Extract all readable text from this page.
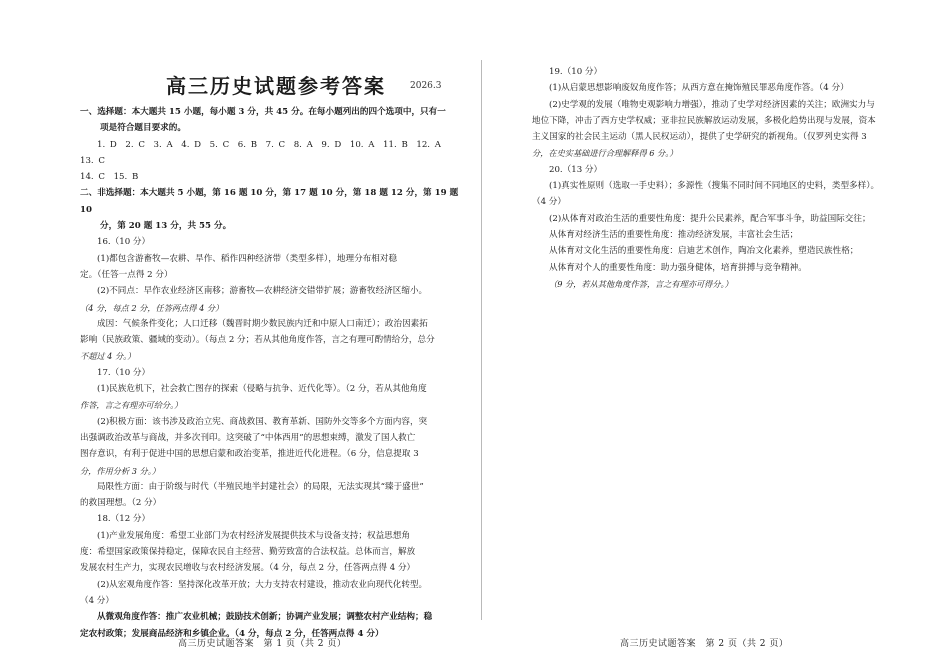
高三历史试题参考答案	2026.3

一、选择题：本大题共 15 小题，每小题 3 分，共 45 分。在每小题列出的四个选项中，只有一

项是符合题目要求的。

1. D　2. C　3. A　4. D　5. C　6. B　7. C　8. A　9. D　10. A　11. B　12. A　13. C

14. C　15. B

二、非选择题：本大题共 5 小题，第 16 题 10 分，第 17 题 10 分，第 18 题 12 分，第 19 题 10

分，第 20 题 13 分，共 55 分。

16.（10 分）

(1)都包含游畜牧—农耕、旱作、稻作四种经济带（类型多样），地理分布相对稳

定。（任答一点得 2 分）

(2)不同点：早作农业经济区南移；游畜牧—农耕经济交错带扩展；游畜牧经济区缩小。

（4 分，每点 2 分，任答两点得 4 分）

成因：气候条件变化；人口迁移（魏晋时期少数民族内迁和中原人口南迁）；政治因素拓

影响（民族政策、疆域的变动）。（每点 2 分；若从其他角度作答，言之有理可酌情给分，总分

不超过 4 分。）

17.（10 分）

(1)民族危机下，社会救亡图存的探索（侵略与抗争、近代化等）。（2 分，若从其他角度

作答，言之有理亦可给分。）

(2)积极方面：该书涉及政治立宪、商战救国、教育革新、国防外交等多个方面内容，突

出强调政治改革与商战，并多次刊印。这突破了“中体西用”的思想束缚，激发了国人救亡

图存意识，有利于促进中国的思想启蒙和政治变革，推进近代化进程。（6 分，信息提取 3

分，作用分析 3 分。）

局限性方面：由于阶级与时代（半殖民地半封建社会）的局限，无法实现其“臻于盛世”

的救国理想。（2 分）

18.（12 分）

(1)产业发展角度：希望工业部门为农村经济发展提供技术与设备支持；权益思想角

度：希望国家政策保持稳定，保障农民自主经营、勤劳致富的合法权益。总体而言，解放

发展农村生产力，实现农民增收与农村经济发展。（4 分，每点 2 分，任答两点得 4 分）

(2)从宏观角度作答：坚持深化改革开放；大力支持农村建设，推动农业向现代化转型。

（4 分）

从微观角度作答：推广农业机械；鼓励技术创新；协调产业发展；调整农村产业结构；稳

定农村政策；发展商品经济和乡镇企业。（4 分，每点 2 分，任答两点得 4 分）

高三历史试题答案　第 1 页（共 2 页）

19.（10 分）

(1)从启蒙思想影响废奴角度作答；从西方意在掩饰殖民罪恶角度作答。（4 分）

(2)史学观的发展（唯物史观影响力增强），推动了史学对经济因素的关注；欧洲实力与

地位下降，冲击了西方史学权威；亚非拉民族解放运动发展，多极化趋势出现与发展，资本

主义国家的社会民主运动（黑人民权运动），提供了史学研究的新视角。（仅罗列史实得 3

分，在史实基础进行合理解释得 6 分。）

20.（13 分）

(1)真实性原则（选取一手史料）；多源性（搜集不同时间不同地区的史料，类型多样）。

（4 分）

(2)从体育对政治生活的重要性角度：提升公民素养，配合军事斗争，助益国际交往；

从体育对经济生活的重要性角度：推动经济发展，丰富社会生活；

从体育对文化生活的重要性角度：启迪艺术创作，陶冶文化素养，塑造民族性格；

从体育对个人的重要性角度：助力强身健体，培育拼搏与竞争精神。

（9 分，若从其他角度作答，言之有理亦可得分。）

高三历史试题答案　第 2 页（共 2 页）
